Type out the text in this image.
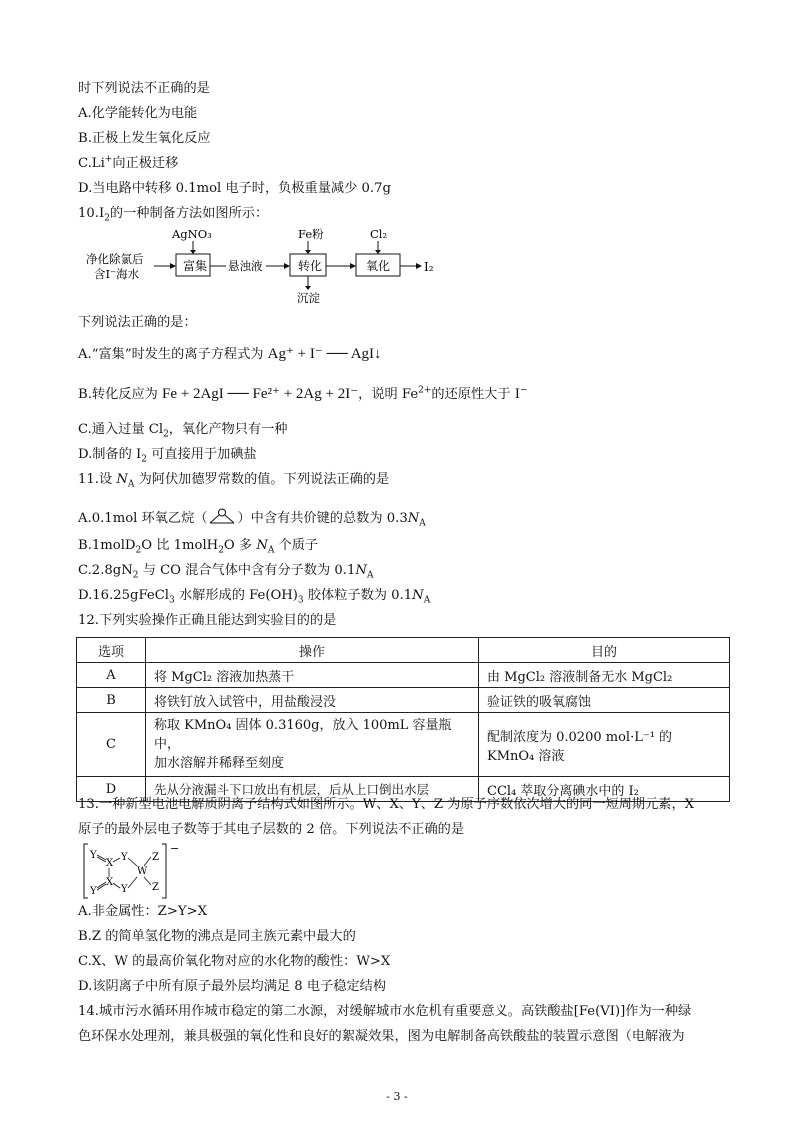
时下列说法不正确的是
A.化学能转化为电能
B.正极上发生氧化反应
C.Li+向正极迁移
D.当电路中转移 0.1mol 电子时，负极重量减少 0.7g
$10.I_2$的一种制备方法如图所示：
净化除氯后
含I⁻海水
富集
AgNO₃
悬浊液	转化
Fe粉
沉淀
氧化
Cl₂
I₂
下列说法正确的是：
A.“富集”时发生的离子方程式为 Ag⁺ + I⁻ ── AgI↓
B.转化反应为 Fe + 2AgI ── Fe²⁺ + 2Ag + 2I⁻，说明 $Fe^{2+}$的还原性大于 I−
C.通入过量 $Cl_2$，氧化产物只有一种
D.制备的 $I_2$ 可直接用于加碘盐
11.设 $N_A$ 为阿伏加德罗常数的值。下列说法正确的是
A.0.1mol 环氧乙烷（ ）中含有共价键的总数为 $0.3N_A$
B.1molD$_2$O 比 1molH$_2$O 多 $N_A$ 个质子
$C.2.8gN_2$ 与 CO 混合气体中含有分子数为 $0.1N_A$
D.16.25gFeCl$_3$ 水解形成的 $Fe(OH)_3$ 胶体粒子数为 $0.1N_A$
12.下列实验操作正确且能达到实验目的的是
选项	操作	目的
A	将 MgCl₂ 溶液加热蒸干	由 MgCl₂ 溶液制备无水 MgCl₂
B	将铁钉放入试管中，用盐酸浸没	验证铁的吸氧腐蚀
C	称取 KMnO₄ 固体 0.3160g，放入 100mL 容量瓶中，
加水溶解并稀释至刻度	配制浓度为 0.0200 mol·L⁻¹ 的 KMnO₄ 溶液
D	先从分液漏斗下口放出有机层，后从上口倒出水层	CCl₄ 萃取分离碘水中的 I₂
13.一种新型电池电解质阴离子结构式如图所示。W、X、Y、Z 为原子序数依次增大的同一短周期元素，X
原子的最外层电子数等于其电子层数的 2 倍。下列说法不正确的是
−
Y
X
Y
W
Z
X
Y
Y	Z
A.非金属性：Z>Y>X
B.Z 的简单氢化物的沸点是同主族元素中最大的
C.X、W 的最高价氧化物对应的水化物的酸性：W>X
D.该阴离子中所有原子最外层均满足 8 电子稳定结构
14.城市污水循环用作城市稳定的第二水源，对缓解城市水危机有重要意义。高铁酸盐[Fe(VI)]作为一种绿
色环保水处理剂，兼具极强的氧化性和良好的絮凝效果，图为电解制备高铁酸盐的装置示意图（电解液为
- 3 -
